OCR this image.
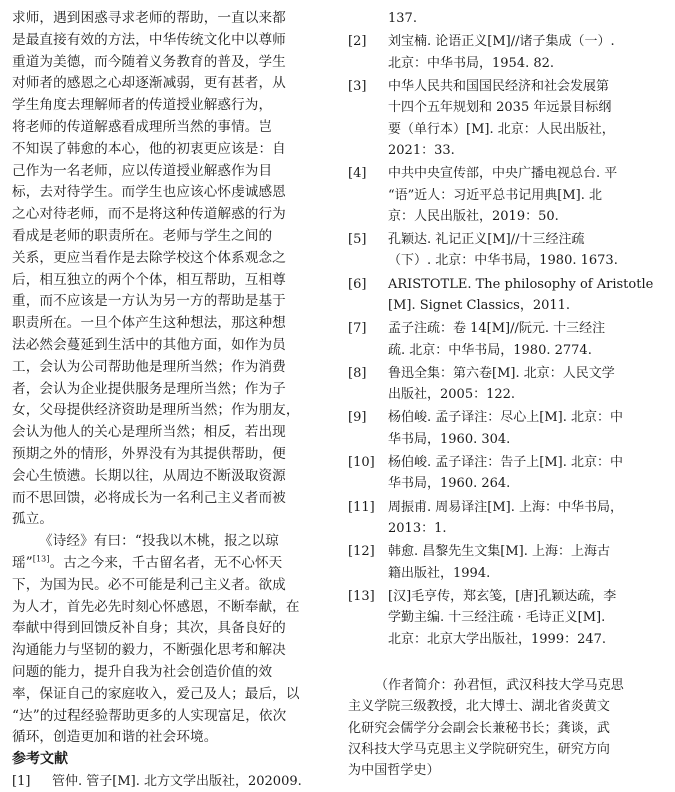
求师，遇到困惑寻求老师的帮助，一直以来都
是最直接有效的方法，中华传统文化中以尊师
重道为美德，而今随着义务教育的普及，学生
对师者的感恩之心却逐渐减弱，更有甚者，从
学生角度去理解师者的传道授业解惑行为，
将老师的传道解惑看成理所当然的事情。岂
不知误了韩愈的本心，他的初衷更应该是：自
己作为一名老师，应以传道授业解惑作为目
标，去对待学生。而学生也应该心怀虔诚感恩
之心对待老师，而不是将这种传道解惑的行为
看成是老师的职责所在。老师与学生之间的
关系，更应当看作是去除学校这个体系观念之
后，相互独立的两个个体，相互帮助，互相尊
重，而不应该是一方认为另一方的帮助是基于
职责所在。一旦个体产生这种想法，那这种想
法必然会蔓延到生活中的其他方面，如作为员
工，会认为公司帮助他是理所当然；作为消费
者，会认为企业提供服务是理所当然；作为子
女，父母提供经济资助是理所当然；作为朋友，
会认为他人的关心是理所当然；相反，若出现
预期之外的情形，外界没有为其提供帮助，便
会心生愤懑。长期以往，从周边不断汲取资源
而不思回馈，必将成长为一名利己主义者而被
孤立。
《诗经》有曰：“投我以木桃，报之以琼
瑶”[13]。古之今来，千古留名者，无不心怀天
下，为国为民。必不可能是利己主义者。欲成
为人才，首先必先时刻心怀感恩，不断奉献，在
奉献中得到回馈反补自身；其次，具备良好的
沟通能力与坚韧的毅力，不断强化思考和解决
问题的能力，提升自我为社会创造价值的效
率，保证自己的家庭收入，爱己及人；最后，以
“达”的过程经验帮助更多的人实现富足，依次
循环，创造更加和谐的社会环境。
参考文献
[1] 管仲. 管子[M]. 北方文学出版社，202009.
137.
[2] 刘宝楠. 论语正义[M]//诸子集成（一）.
北京：中华书局，1954. 82.
[3] 中华人民共和国国民经济和社会发展第
十四个五年规划和 2035 年远景目标纲
要（单行本）[M]. 北京：人民出版社，
2021：33.
[4] 中共中央宣传部，中央广播电视总台. 平
“语”近人：习近平总书记用典[M]. 北
京：人民出版社，2019：50.
[5] 孔颖达. 礼记正义[M]//十三经注疏
（下）. 北京：中华书局，1980. 1673.
[6] ARISTOTLE. The philosophy of Aristotle
[M]. Signet Classics，2011.
[7] 孟子注疏：卷 14[M]//阮元. 十三经注
疏. 北京：中华书局，1980. 2774.
[8] 鲁迅全集：第六卷[M]. 北京：人民文学
出版社，2005：122.
[9] 杨伯峻. 孟子译注：尽心上[M]. 北京：中
华书局，1960. 304.
[10] 杨伯峻. 孟子译注：告子上[M]. 北京：中
华书局，1960. 264.
[11] 周振甫. 周易译注[M]. 上海：中华书局，
2013：1.
[12] 韩愈. 昌黎先生文集[M]. 上海：上海古
籍出版社，1994.
[13] [汉]毛亨传，郑玄笺，[唐]孔颖达疏，李
学勤主编. 十三经注疏 · 毛诗正义[M].
北京：北京大学出版社，1999：247.
（作者简介：孙君恒，武汉科技大学马克思
主义学院三级教授，北大博士、湖北省炎黄文
化研究会儒学分会副会长兼秘书长；龚谈，武
汉科技大学马克思主义学院研究生，研究方向
为中国哲学史）
